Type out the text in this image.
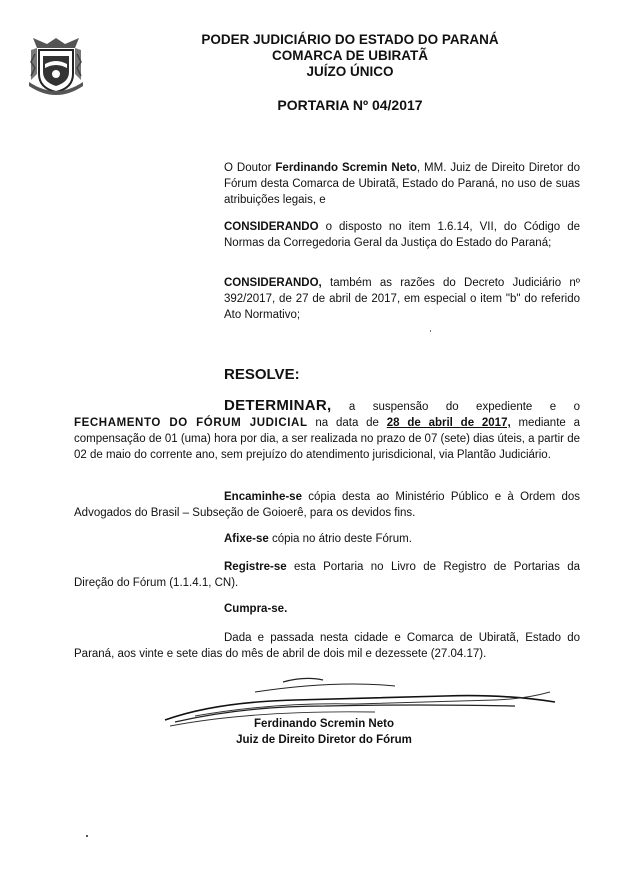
PODER JUDICIÁRIO DO ESTADO DO PARANÁ
COMARCA DE UBIRATÃ
JUÍZO ÚNICO
PORTARIA Nº 04/2017
O Doutor Ferdinando Scremin Neto, MM. Juiz de Direito Diretor do Fórum desta Comarca de Ubiratã, Estado do Paraná, no uso de suas atribuições legais, e
CONSIDERANDO o disposto no item 1.6.14, VII, do Código de Normas da Corregedoria Geral da Justiça do Estado do Paraná;
CONSIDERANDO, também as razões do Decreto Judiciário nº 392/2017, de 27 de abril de 2017, em especial o item "b" do referido Ato Normativo;
RESOLVE:
DETERMINAR, a suspensão do expediente e o FECHAMENTO DO FÓRUM JUDICIAL na data de 28 de abril de 2017, mediante a compensação de 01 (uma) hora por dia, a ser realizada no prazo de 07 (sete) dias úteis, a partir de 02 de maio do corrente ano, sem prejuízo do atendimento jurisdicional, via Plantão Judiciário.
Encaminhe-se cópia desta ao Ministério Público e à Ordem dos Advogados do Brasil – Subseção de Goioerê, para os devidos fins.
Afixe-se cópia no átrio deste Fórum.
Registre-se esta Portaria no Livro de Registro de Portarias da Direção do Fórum (1.1.4.1, CN).
Cumpra-se.
Dada e passada nesta cidade e Comarca de Ubiratã, Estado do Paraná, aos vinte e sete dias do mês de abril de dois mil e dezessete (27.04.17).
Ferdinando Scremin Neto
Juiz de Direito Diretor do Fórum
